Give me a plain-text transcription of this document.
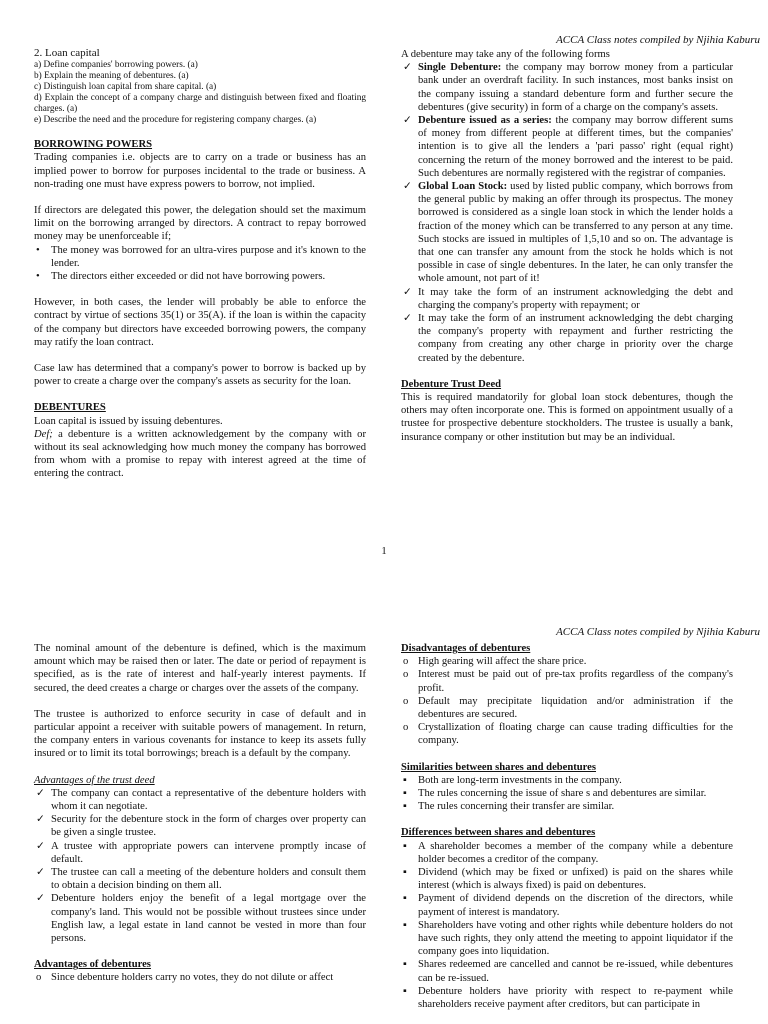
ACCA Class notes compiled by Njihia Kaburu

2. Loan capital

a) Define companies' borrowing powers. (a)
b) Explain the meaning of debentures. (a)
c) Distinguish loan capital from share capital. (a)
d) Explain the concept of a company charge and distinguish between fixed and floating charges. (a)
e) Describe the need and the procedure for registering company charges. (a)

BORROWING POWERS

Trading companies i.e. objects are to carry on a trade or business has an implied power to borrow for purposes incidental to the trade or business. A non-trading one must have express powers to borrow, not implied.

If directors are delegated this power, the delegation should set the maximum limit on the borrowing arranged by directors. A contract to repay borrowed money may be unenforceable if;

• The money was borrowed for an ultra-vires purpose and it's known to the lender.
• The directors either exceeded or did not have borrowing powers.

However, in both cases, the lender will probably be able to enforce the contract by virtue of sections 35(1) or 35(A). if the loan is within the capacity of the company but directors have exceeded borrowing powers, the company may ratify the loan contract.

Case law has determined that a company's power to borrow is backed up by power to create a charge over the company's assets as security for the loan.

DEBENTURES

Loan capital is issued by issuing debentures.

Def; a debenture is a written acknowledgement by the company with or without its seal acknowledging how much money the company has borrowed from whom with a promise to repay with interest agreed at the time of entering the contract.

A debenture may take any of the following forms

✓ Single Debenture: the company may borrow money from a particular bank under an overdraft facility. In such instances, most banks insist on the company issuing a standard debenture form and further secure the debentures (give security) in form of a charge on the company's assets.
✓ Debenture issued as a series: the company may borrow different sums of money from different people at different times, but the companies' intention is to give all the lenders a 'pari passo' right (equal right) concerning the return of the money borrowed and the interest to be paid. Such debentures are normally registered with the registrar of companies.
✓ Global Loan Stock: used by listed public company, which borrows from the general public by making an offer through its prospectus. The money borrowed is considered as a single loan stock in which the lender holds a fraction of the money which can be transferred to any person at any time. Such stocks are issued in multiples of 1,5,10 and so on. The advantage is that one can transfer any amount from the stock he holds which is not possible in case of single debentures. In the later, he can only transfer the whole amount, not part of it!
✓ It may take the form of an instrument acknowledging the debt and charging the company's property with repayment; or
✓ It may take the form of an instrument acknowledging the debt charging the company's property with repayment and further restricting the company from creating any other charge in priority over the charge created by the debenture.

Debenture Trust Deed

This is required mandatorily for global loan stock debentures, though the others may often incorporate one. This is formed on appointment usually of a trustee for prospective debenture stockholders. The trustee is usually a bank, insurance company or other institution but may be an individual.

1
ACCA Class notes compiled by Njihia Kaburu

The nominal amount of the debenture is defined, which is the maximum amount which may be raised then or later. The date or period of repayment is specified, as is the rate of interest and half-yearly interest payments. If secured, the deed creates a charge or charges over the assets of the company.

The trustee is authorized to enforce security in case of default and in particular appoint a receiver with suitable powers of management. In return, the company enters in various covenants for instance to keep its assets fully insured or to limit its total borrowings; breach is a default by the company.

Advantages of the trust deed

✓ The company can contact a representative of the debenture holders with whom it can negotiate.
✓ Security for the debenture stock in the form of charges over property can be given a single trustee.
✓ A trustee with appropriate powers can intervene promptly incase of default.
✓ The trustee can call a meeting of the debenture holders and consult them to obtain a decision binding on them all.
✓ Debenture holders enjoy the benefit of a legal mortgage over the company's land. This would not be possible without trustees since under English law, a legal estate in land cannot be vested in more than four persons.

Advantages of debentures

o Since debenture holders carry no votes, they do not dilute or affect

Disadvantages of debentures

o High gearing will affect the share price.
o Interest must be paid out of pre-tax profits regardless of the company's profit.
o Default may precipitate liquidation and/or administration if the debentures are secured.
o Crystallization of floating charge can cause trading difficulties for the company.

Similarities between shares and debentures

▪ Both are long-term investments in the company.
▪ The rules concerning the issue of share s and debentures are similar.
▪ The rules concerning their transfer are similar.

Differences between shares and debentures

▪ A shareholder becomes a member of the company while a debenture holder becomes a creditor of the company.
▪ Dividend (which may be fixed or unfixed) is paid on the shares while interest (which is always fixed) is paid on debentures.
▪ Payment of dividend depends on the discretion of the directors, while payment of interest is mandatory.
▪ Shareholders have voting and other rights while debenture holders do not have such rights, they only attend the meeting to appoint liquidator if the company goes into liquidation.
▪ Shares redeemed are cancelled and cannot be re-issued, while debentures can be re-issued.
▪ Debenture holders have priority with respect to re-payment while shareholders receive payment after creditors, but can participate in
